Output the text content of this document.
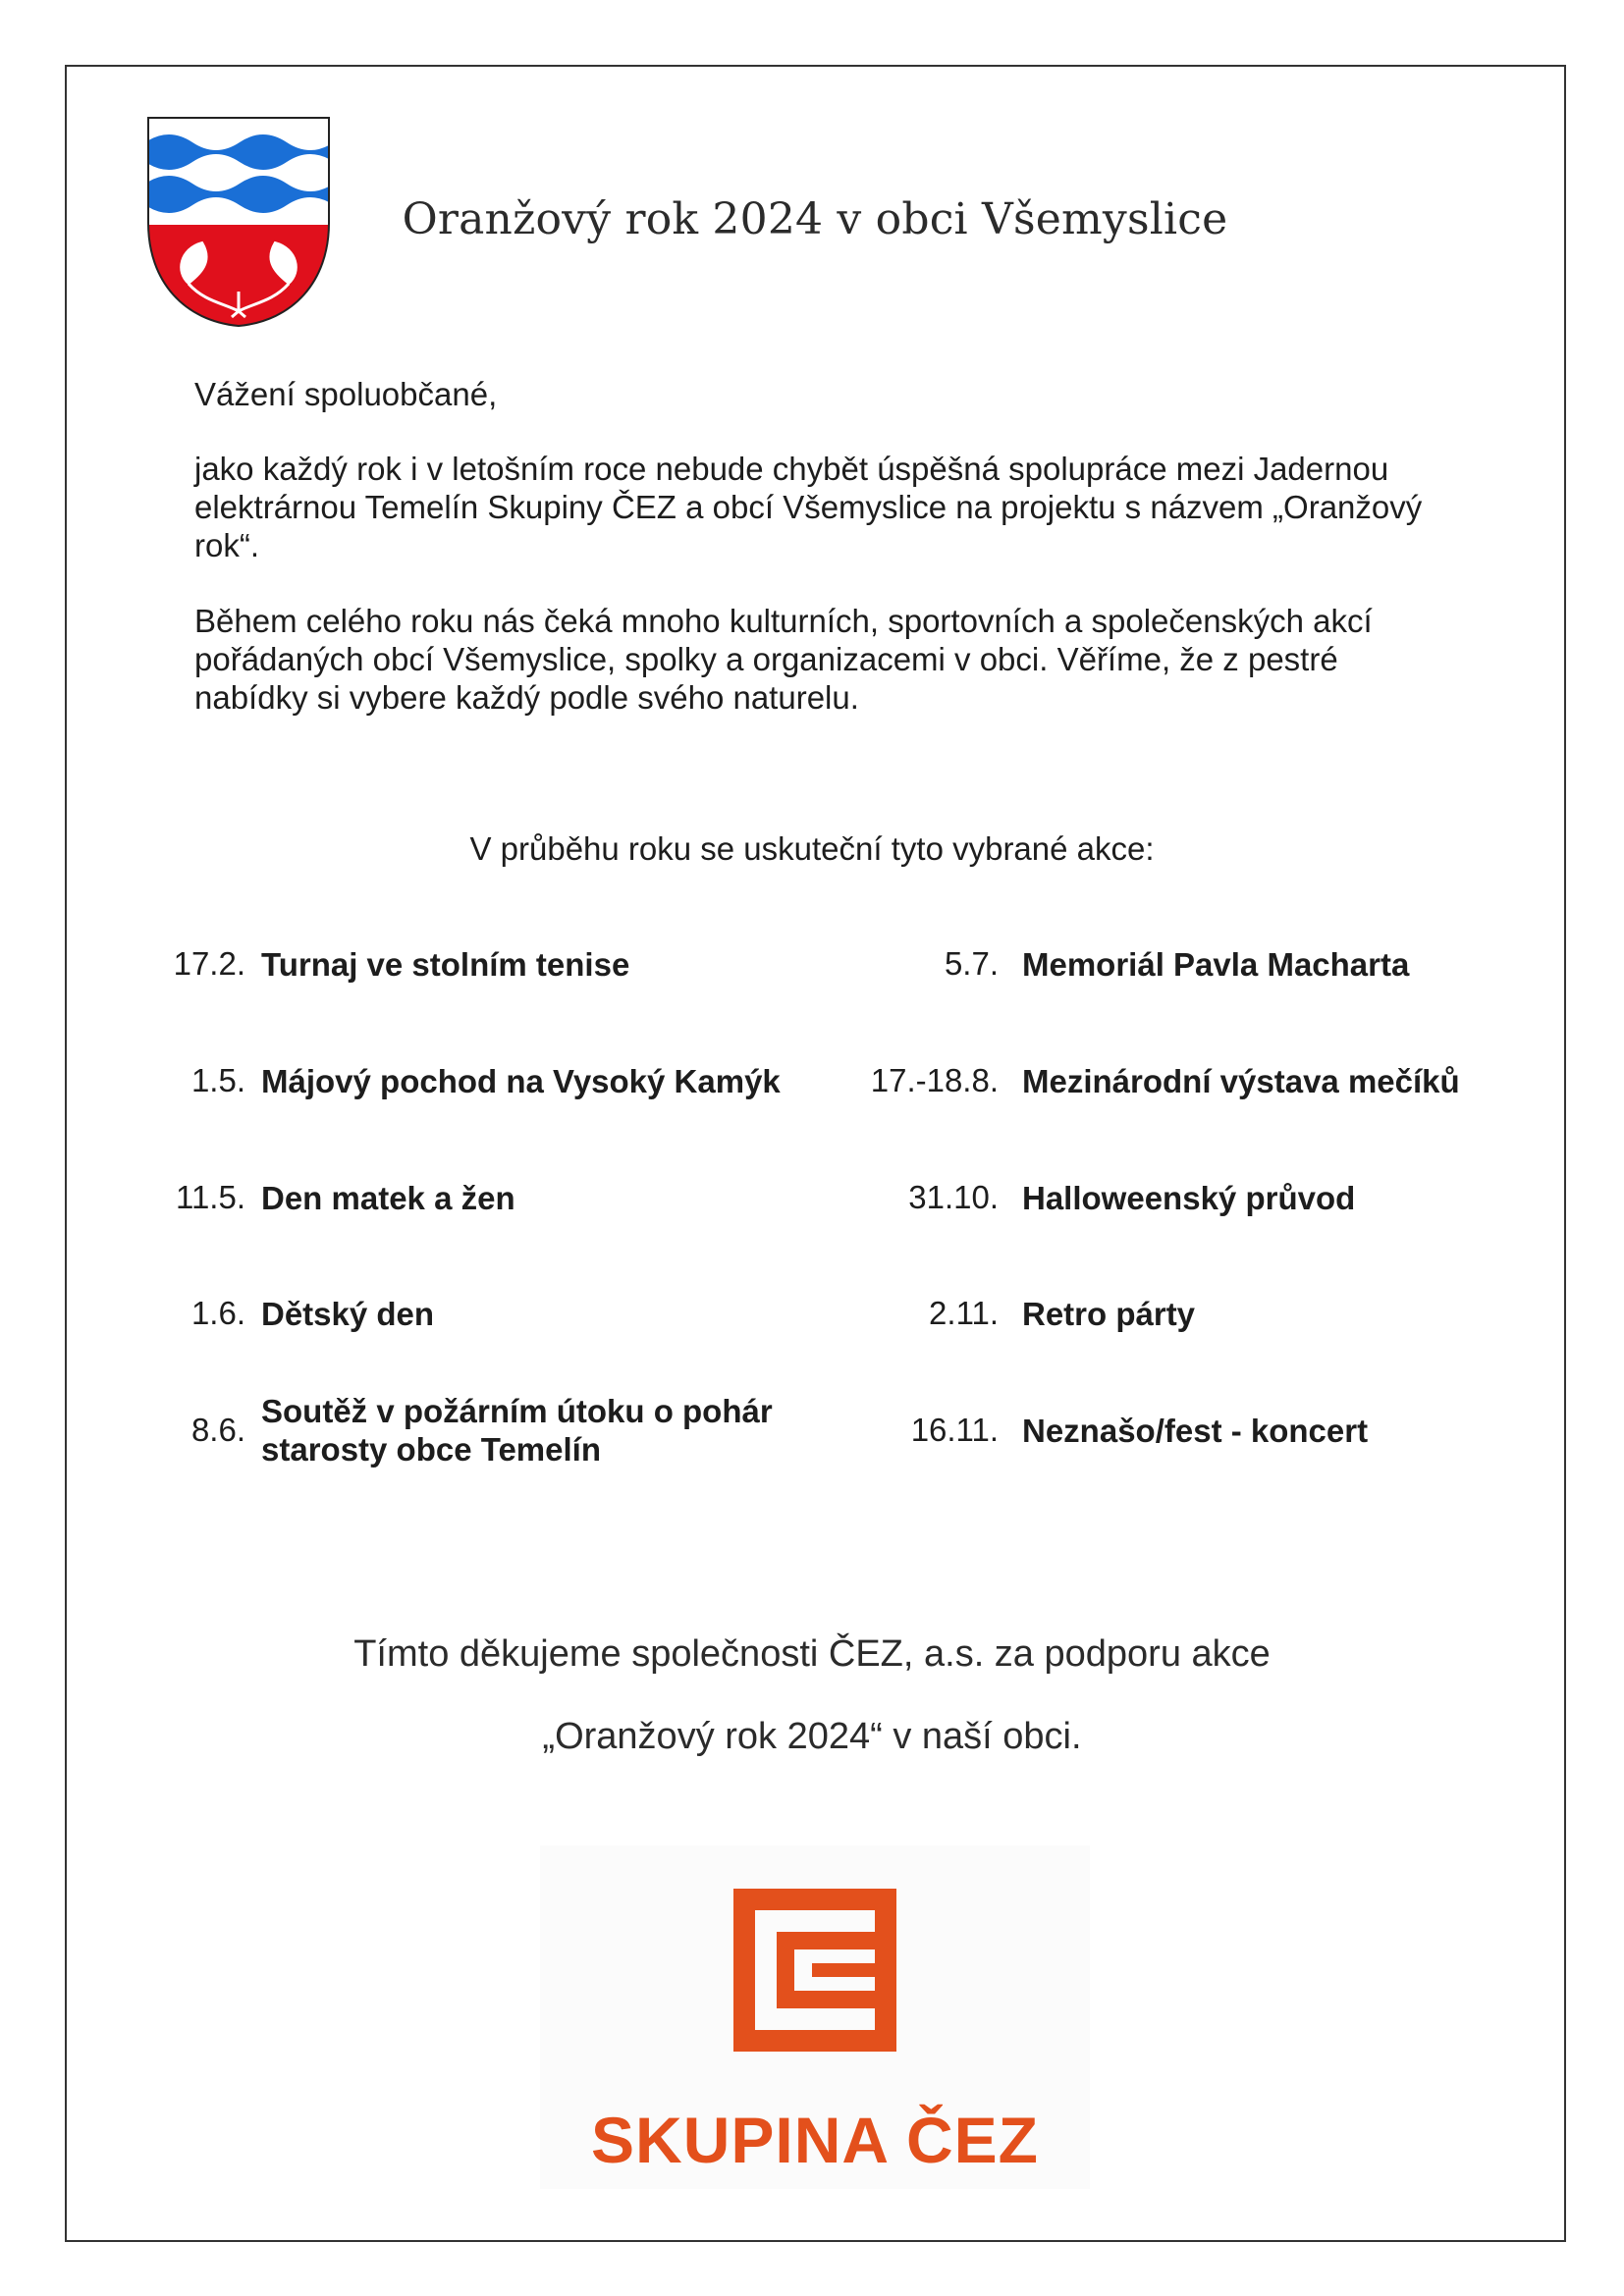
Oranžový rok 2024 v obci Všemyslice
Vážení spoluobčané,
jako každý rok i v letošním roce nebude chybět úspěšná spolupráce mezi Jadernou elektrárnou Temelín Skupiny ČEZ a obcí Všemyslice na projektu s názvem „Oranžový rok“.
Během celého roku nás čeká mnoho kulturních, sportovních a společenských akcí pořádaných obcí Všemyslice, spolky a organizacemi v obci. Věříme, že z pestré nabídky si vybere každý podle svého naturelu.
V průběhu roku se uskuteční tyto vybrané akce:
17.2. Turnaj ve stolním tenise
1.5. Májový pochod na Vysoký Kamýk
11.5. Den matek a žen
1.6. Dětský den
8.6.
Soutěž v požárním útoku o pohár starosty obce Temelín
5.7. Memoriál Pavla Macharta
17.-18.8. Mezinárodní výstava mečíků
31.10. Halloweenský průvod
2.11. Retro párty
16.11. Neznašo/fest - koncert
Tímto děkujeme společnosti ČEZ, a.s. za podporu akce
„Oranžový rok 2024“ v naší obci.
SKUPINA ČEZ
